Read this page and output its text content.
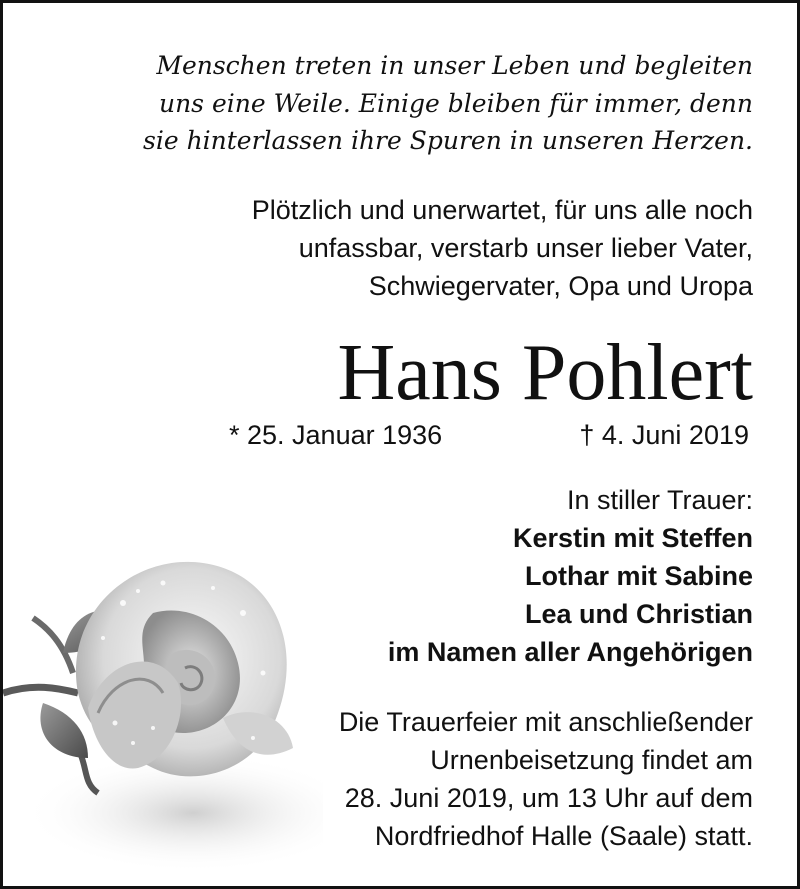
Menschen treten in unser Leben und begleiten
uns eine Weile. Einige bleiben für immer, denn
sie hinterlassen ihre Spuren in unseren Herzen.
Plötzlich und unerwartet, für uns alle noch
unfassbar, verstarb unser lieber Vater,
Schwiegervater, Opa und Uropa
Hans Pohlert
* 25. Januar 1936	† 4. Juni 2019
In stiller Trauer:
Kerstin mit Steffen
Lothar mit Sabine
Lea und Christian
im Namen aller Angehörigen
Die Trauerfeier mit anschließender
Urnenbeisetzung findet am
28. Juni 2019, um 13 Uhr auf dem
Nordfriedhof Halle (Saale) statt.
